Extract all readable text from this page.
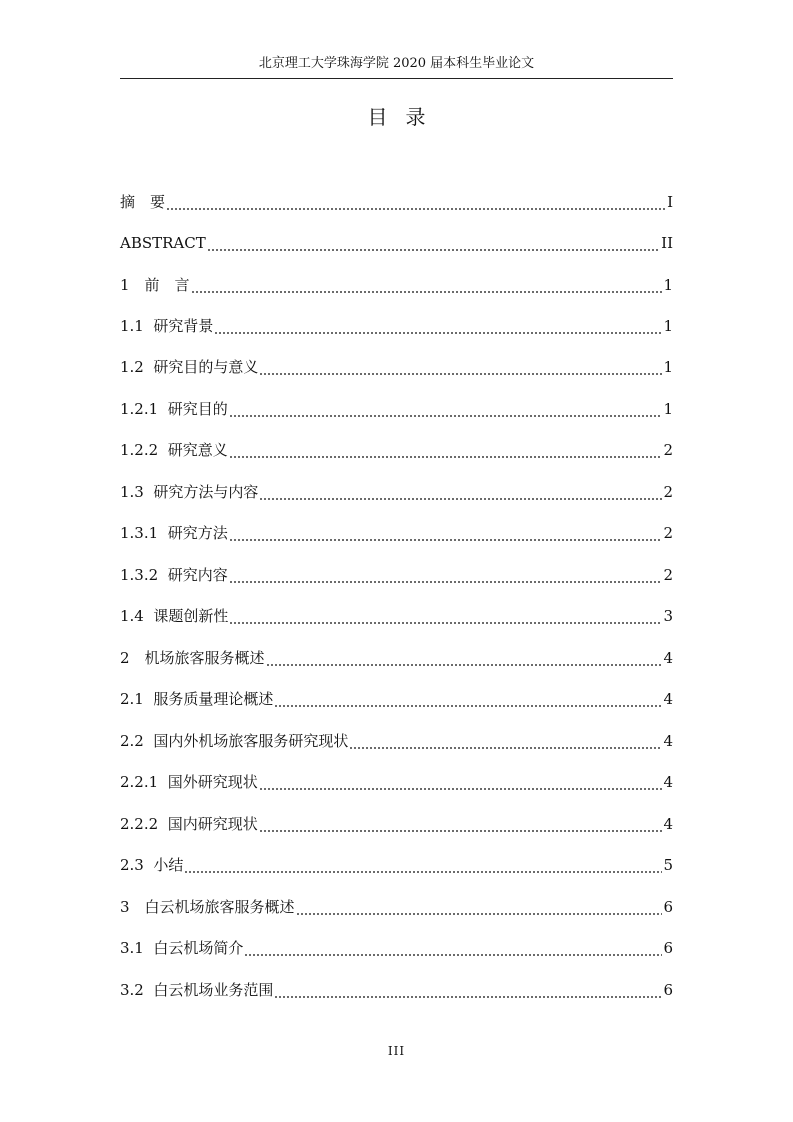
北京理工大学珠海学院 2020 届本科生毕业论文
目 录
摘　要	I
ABSTRACT	II
1　前　言	1
1.1  研究背景	1
1.2  研究目的与意义	1
1.2.1  研究目的	1
1.2.2  研究意义	2
1.3  研究方法与内容	2
1.3.1  研究方法	2
1.3.2  研究内容	2
1.4  课题创新性	3
2　机场旅客服务概述	4
2.1  服务质量理论概述	4
2.2  国内外机场旅客服务研究现状	4
2.2.1  国外研究现状	4
2.2.2  国内研究现状	4
2.3  小结	5
3　白云机场旅客服务概述	6
3.1  白云机场简介	6
3.2  白云机场业务范围	6
III
